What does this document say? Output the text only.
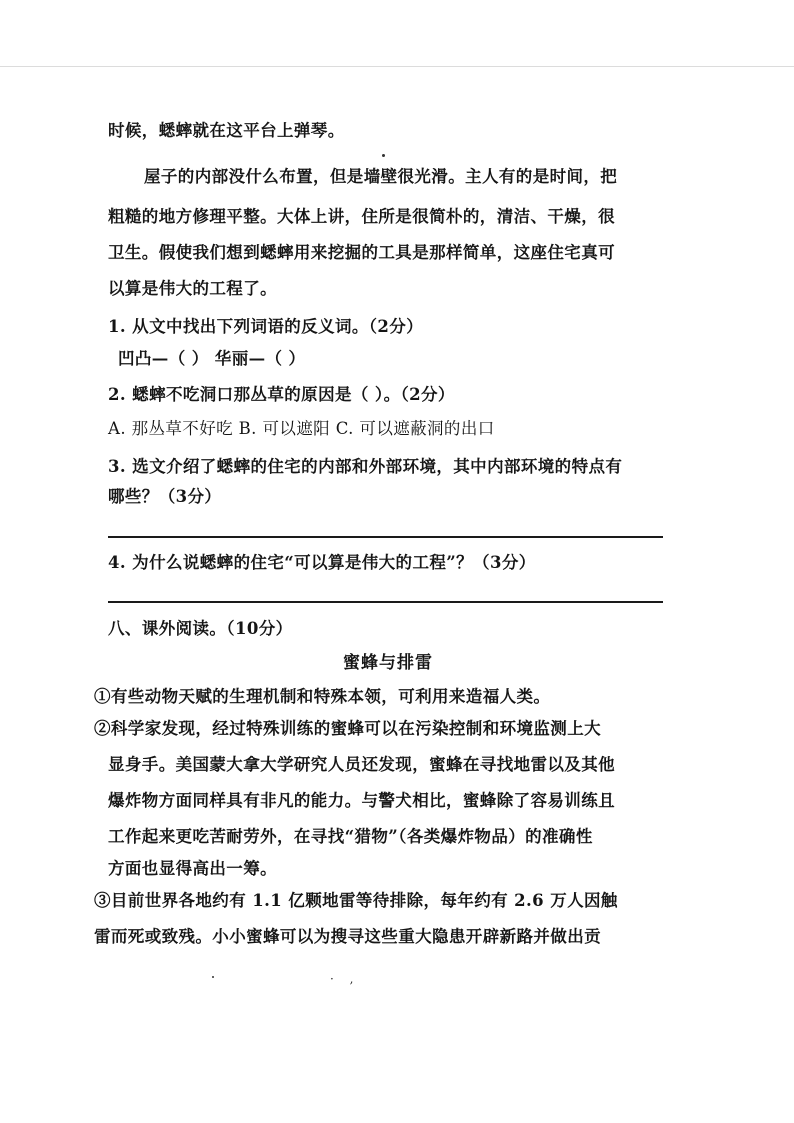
时候，蟋蟀就在这平台上弹琴。
屋子的内部没什么布置，但是墙壁很光滑。主人有的是时间，把
粗糙的地方修理平整。大体上讲，住所是很简朴的，清洁、干燥，很
卫生。假使我们想到蟋蟀用来挖掘的工具是那样简单，这座住宅真可
以算是伟大的工程了。
1. 从文中找出下列词语的反义词。（2分）
凹凸—（ ） 华丽—（ ）
2. 蟋蟀不吃洞口那丛草的原因是（ ）。（2分）
A. 那丛草不好吃 B. 可以遮阳 C. 可以遮蔽洞的出口
3. 选文介绍了蟋蟀的住宅的内部和外部环境，其中内部环境的特点有
哪些？（3分）
4. 为什么说蟋蟀的住宅“可以算是伟大的工程”？（3分）
八、课外阅读。（10分）
蜜蜂与排雷
①有些动物天赋的生理机制和特殊本领，可利用来造福人类。
②科学家发现，经过特殊训练的蜜蜂可以在污染控制和环境监测上大
显身手。美国蒙大拿大学研究人员还发现，蜜蜂在寻找地雷以及其他
爆炸物方面同样具有非凡的能力。与警犬相比，蜜蜂除了容易训练且
工作起来更吃苦耐劳外，在寻找“猎物”（各类爆炸物品）的准确性
方面也显得高出一筹。
③目前世界各地约有 1.1 亿颗地雷等待排除，每年约有 2.6 万人因触
雷而死或致残。小小蜜蜂可以为搜寻这些重大隐患开辟新路并做出贡
· ,
